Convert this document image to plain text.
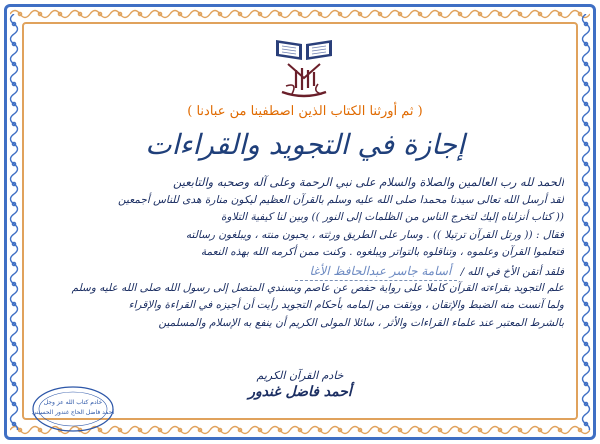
( ثم أورثنا الكتاب الذين اصطفينا من عبادنا )
إجازة في التجويد والقراءات
الحمد لله رب العالمين والصلاة والسلام على نبي الرحمة وعلى آله وصحبه والتابعين
لقد أرسل الله تعالى سيدنا محمدا صلى الله عليه وسلم بالقرآن العظيم ليكون منارة هدى للناس أجمعين
(( كتاب أنزلناه إليك لتخرج الناس من الظلمات إلى النور )) وبين لنا كيفية التلاوة
فقال : (( ورتل القرآن ترتيلا )) . وسار على الطريق ورثته ، يحبون منته ، ويبلغون رسالته
فتعلموا القرآن وعلموه ، وتناقلوه بالتواتر ويبلغوه . وكنت ممن أكرمه الله بهذه النعمة
فلقد أتقن الأخ في الله / أسامة جاسر عبدالحافظ الأغا
علم التجويد بقراءته القرآن كاملا على رواية حفص عن عاصم وبسندي المتصل إلى رسول الله صلى الله عليه وسلم
ولما آنست منه الضبط والإتقان ، ووثقت من إلمامه بأحكام التجويد رأيت أن أجيزه في القراءة والإقراء
بالشرط المعتبر عند علماء القراءات والأثر ، سائلا المولى الكريم أن ينفع به الإسلام والمسلمين
خادم القرآن الكريم
أحمد فاضل غندور
خادم كتاب الله عز وجل
أحمد فاضل الحاج غندور الحسيني
